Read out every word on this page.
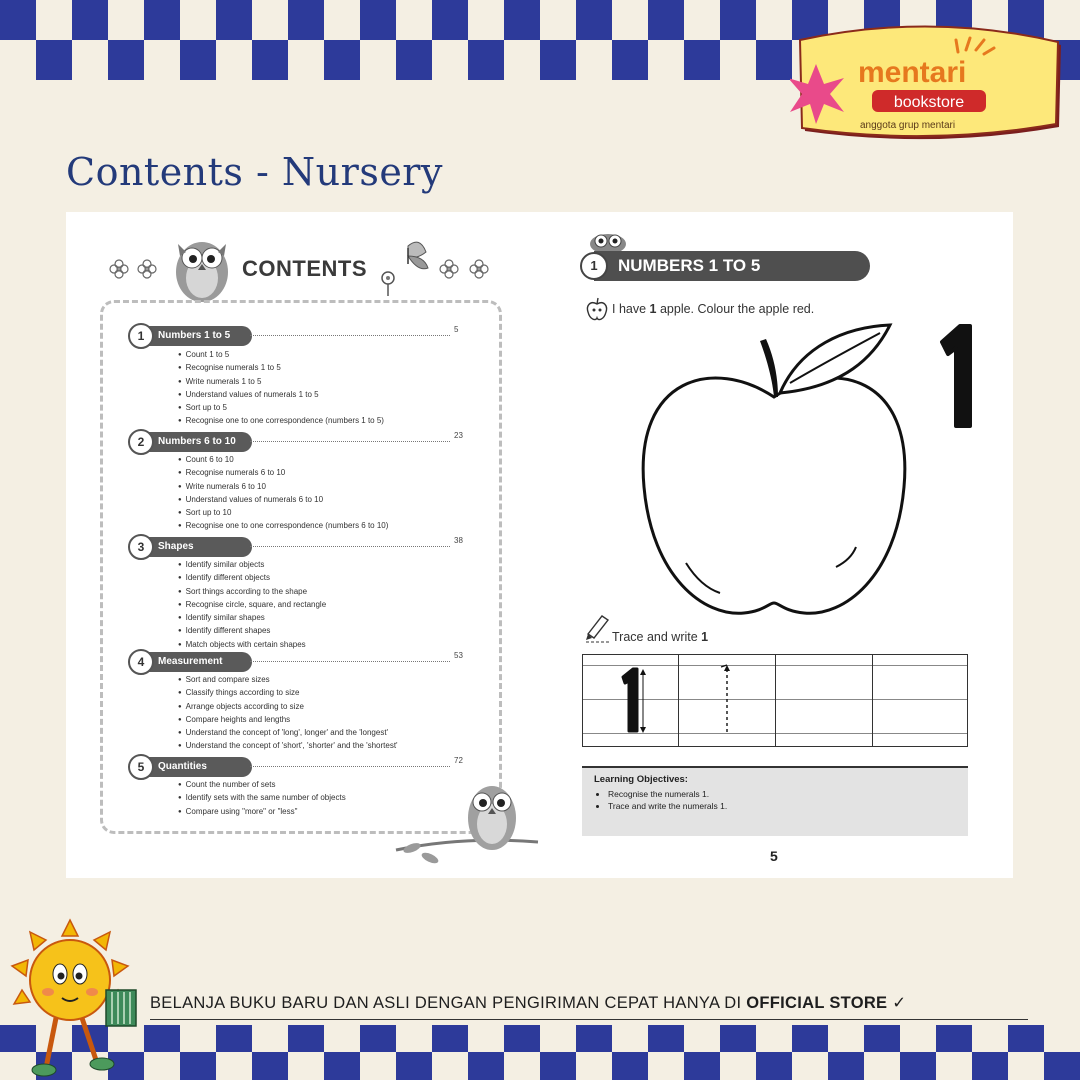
mentari
bookstore
anggota grup mentari
Contents - Nursery
CONTENTS
Numbers 1 to 5
1	5
● Count 1 to 5
● Recognise numerals 1 to 5
● Write numerals 1 to 5
● Understand values of numerals 1 to 5
● Sort up to 5
● Recognise one to one correspondence (numbers 1 to 5)
Numbers 6 to 10
2	23
● Count 6 to 10
● Recognise numerals 6 to 10
● Write numerals 6 to 10
● Understand values of numerals 6 to 10
● Sort up to 10
● Recognise one to one correspondence (numbers 6 to 10)
Shapes
3	38
● Identify similar objects
● Identify different objects
● Sort things according to the shape
● Recognise circle, square, and rectangle
● Identify similar shapes
● Identify different shapes
● Match objects with certain shapes
Measurement
4	53
● Sort and compare sizes
● Classify things according to size
● Arrange objects according to size
● Compare heights and lengths
● Understand the concept of 'long', longer' and the 'longest'
● Understand the concept of 'short', 'shorter' and the 'shortest'
Quantities
5	72
● Count the number of sets
● Identify sets with the same number of objects
● Compare using "more" or "less"
NUMBERS 1 TO 5
1
I have 1 apple. Colour the apple red.
Trace and write 1
Learning Objectives:
• Recognise the numerals 1.
• Trace and write the numerals 1.
5
BELANJA BUKU BARU DAN ASLI DENGAN PENGIRIMAN CEPAT HANYA DI OFFICIAL STORE ✓
